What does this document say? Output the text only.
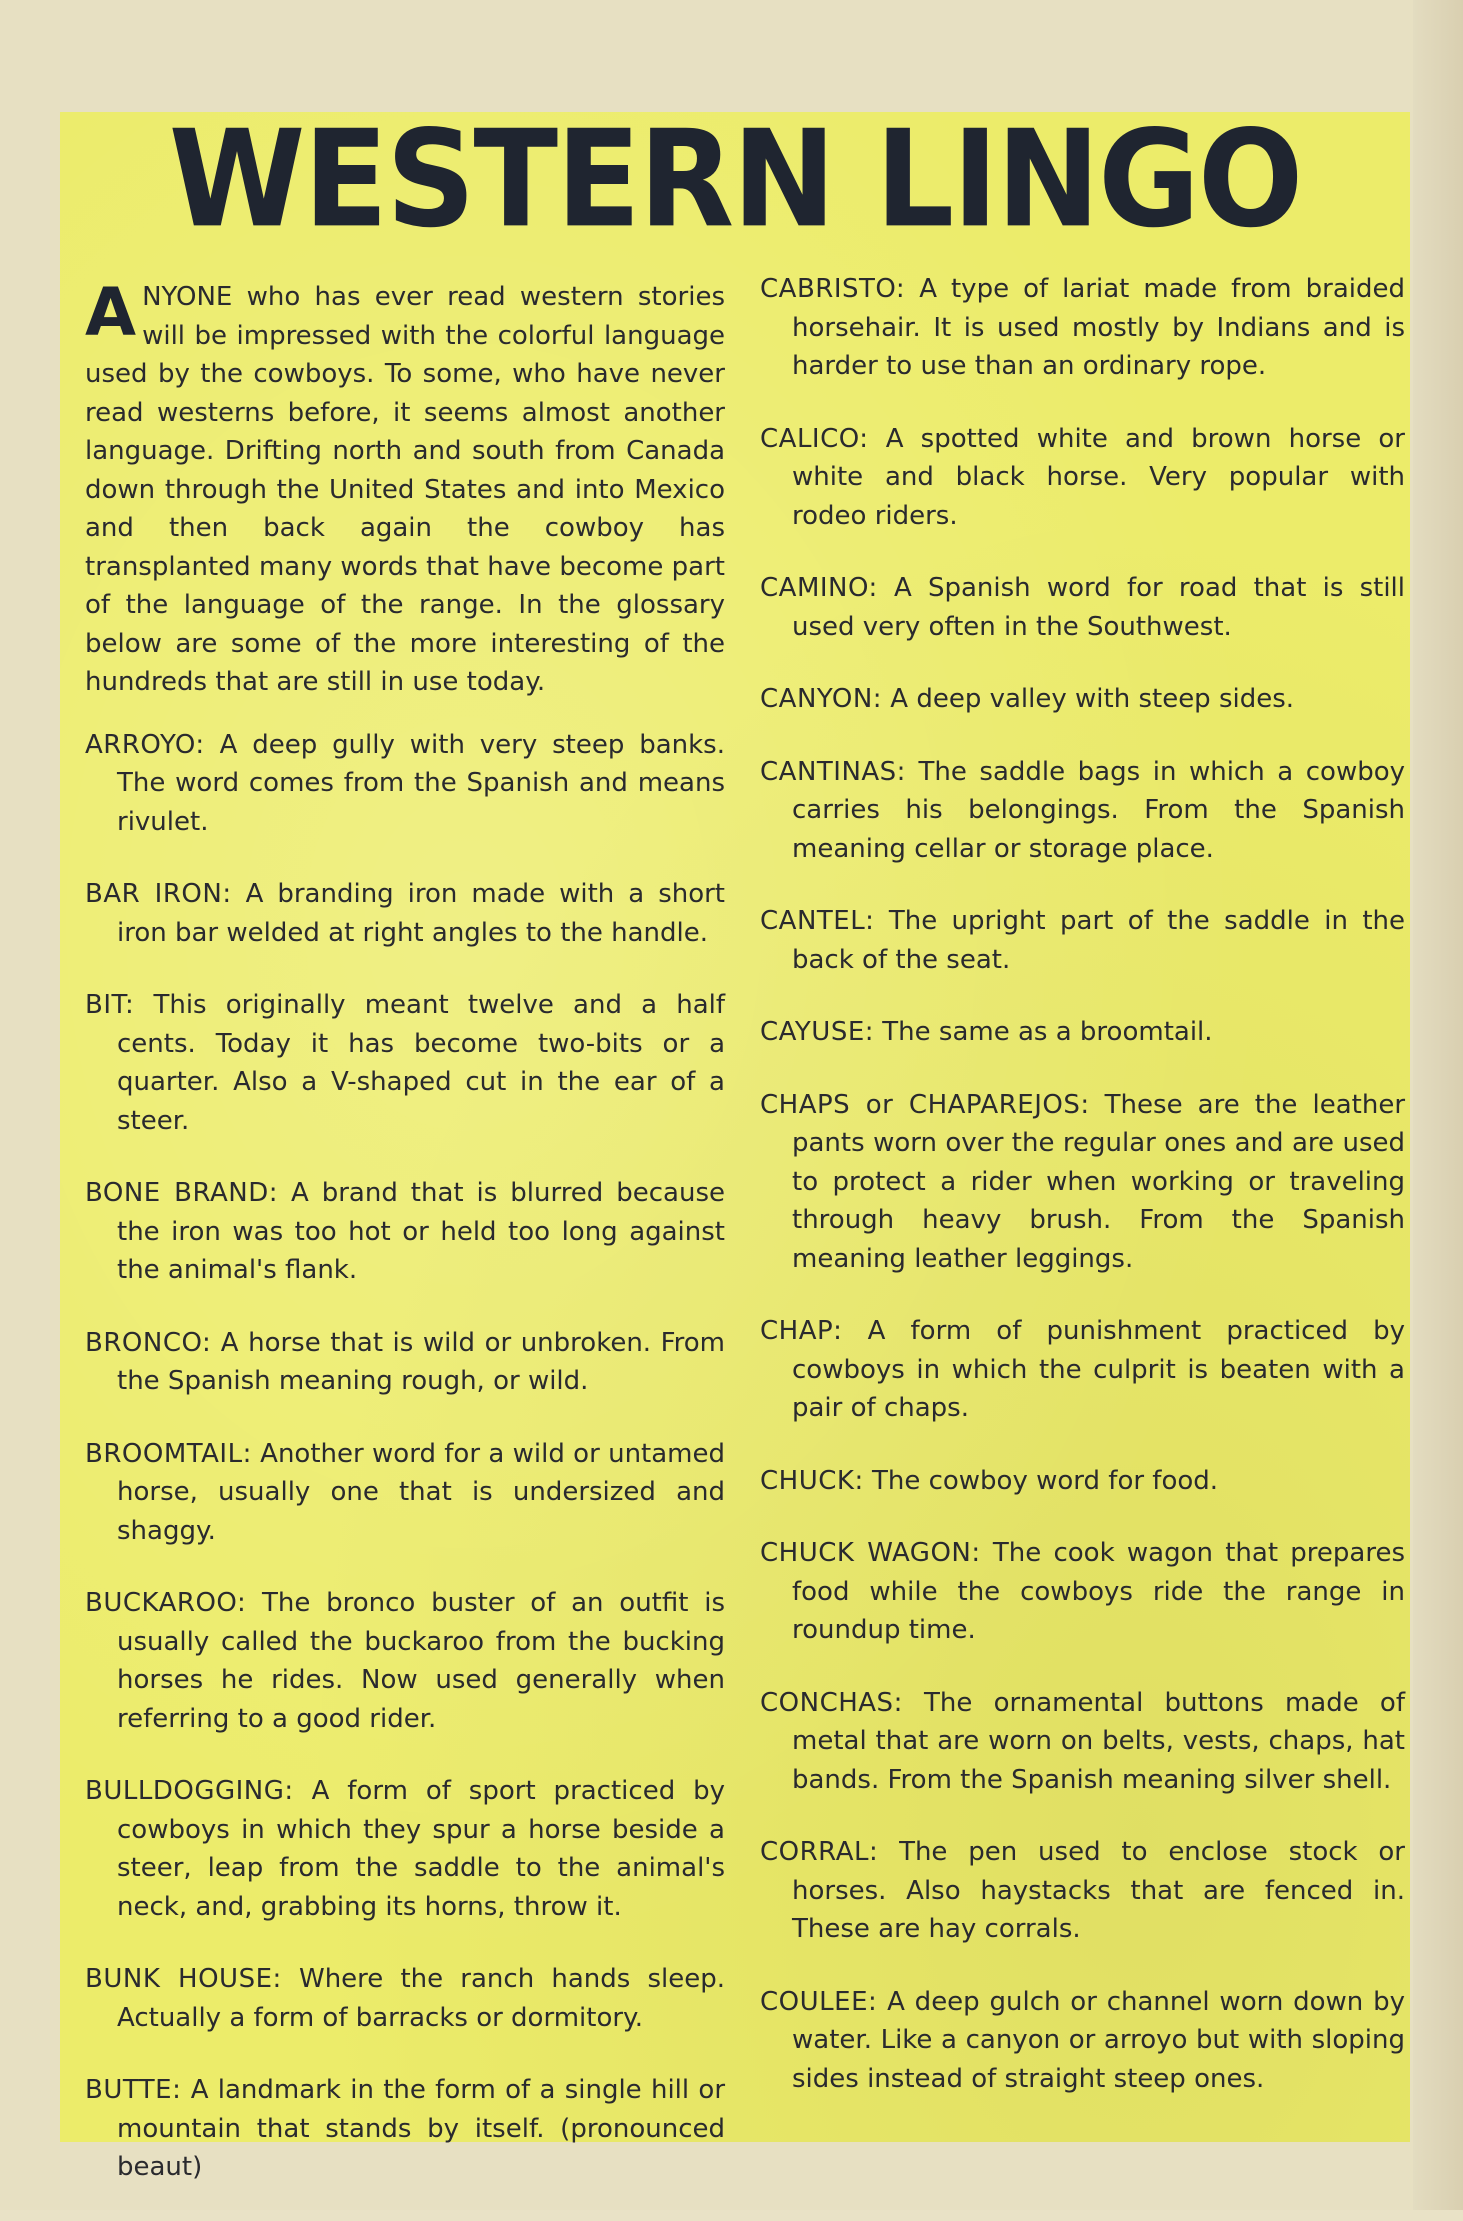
WESTERN LINGO

ANYONE who has ever read western stories will be impressed with the colorful language used by the cowboys. To some, who have never read westerns before, it seems almost another language. Drifting north and south from Canada down through the United States and into Mexico and then back again the cowboy has transplanted many words that have become part of the language of the range. In the glossary below are some of the more interesting of the hundreds that are still in use today.

ARROYO: A deep gully with very steep banks. The word comes from the Spanish and means rivulet.

BAR IRON: A branding iron made with a short iron bar welded at right angles to the handle.

BIT: This originally meant twelve and a half cents. Today it has become two-bits or a quarter. Also a V-shaped cut in the ear of a steer.

BONE BRAND: A brand that is blurred because the iron was too hot or held too long against the animal's flank.

BRONCO: A horse that is wild or unbroken. From the Spanish meaning rough, or wild.

BROOMTAIL: Another word for a wild or untamed horse, usually one that is undersized and shaggy.

BUCKAROO: The bronco buster of an outfit is usually called the buckaroo from the bucking horses he rides. Now used generally when referring to a good rider.

BULLDOGGING: A form of sport practiced by cowboys in which they spur a horse beside a steer, leap from the saddle to the animal's neck, and, grabbing its horns, throw it.

BUNK HOUSE: Where the ranch hands sleep. Actually a form of barracks or dormitory.

BUTTE: A landmark in the form of a single hill or mountain that stands by itself. (pronounced beaut)

CABRISTO: A type of lariat made from braided horsehair. It is used mostly by Indians and is harder to use than an ordinary rope.

CALICO: A spotted white and brown horse or white and black horse. Very popular with rodeo riders.

CAMINO: A Spanish word for road that is still used very often in the Southwest.

CANYON: A deep valley with steep sides.

CANTINAS: The saddle bags in which a cowboy carries his belongings. From the Spanish meaning cellar or storage place.

CANTEL: The upright part of the saddle in the back of the seat.

CAYUSE: The same as a broomtail.

CHAPS or CHAPAREJOS: These are the leather pants worn over the regular ones and are used to protect a rider when working or traveling through heavy brush. From the Spanish meaning leather leggings.

CHAP: A form of punishment practiced by cowboys in which the culprit is beaten with a pair of chaps.

CHUCK: The cowboy word for food.

CHUCK WAGON: The cook wagon that prepares food while the cowboys ride the range in roundup time.

CONCHAS: The ornamental buttons made of metal that are worn on belts, vests, chaps, hat bands. From the Spanish meaning silver shell.

CORRAL: The pen used to enclose stock or horses. Also haystacks that are fenced in. These are hay corrals.

COULEE: A deep gulch or channel worn down by water. Like a canyon or arroyo but with sloping sides instead of straight steep ones.
